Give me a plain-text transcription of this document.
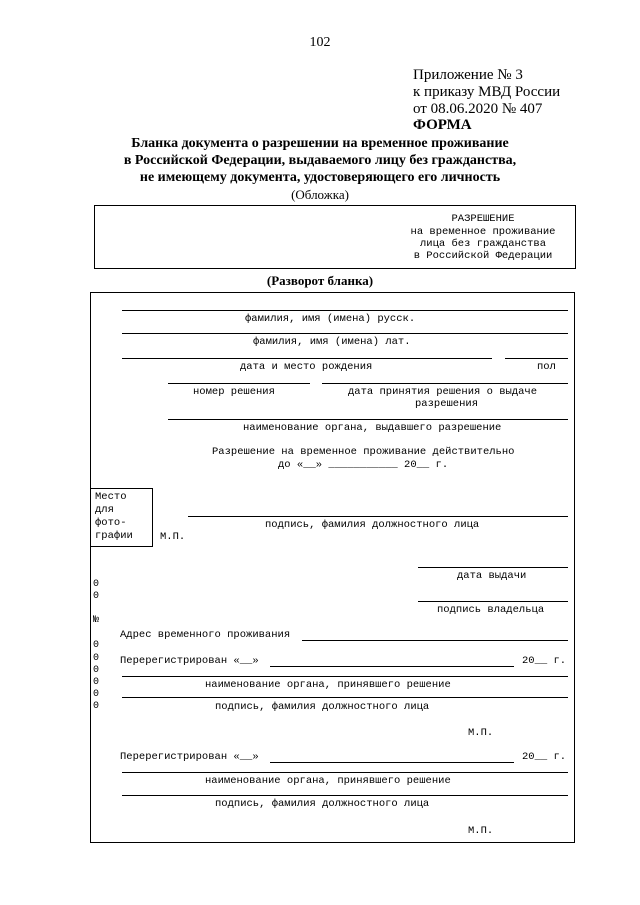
102
Приложение № 3
к приказу МВД России
от 08.06.2020 № 407
ФОРМА
Бланка документа о разрешении на временное проживание
в Российской Федерации, выдаваемого лицу без гражданства,
не имеющему документа, удостоверяющего его личность
(Обложка)
РАЗРЕШЕНИЕ
на временное проживание
лица без гражданства
в Российской Федерации
(Разворот бланка)
фамилия, имя (имена) русск.
фамилия, имя (имена) лат.
дата и место рождения	пол
номер решения	дата принятия решения о выдаче
разрешения
наименование органа, выдавшего разрешение
Разрешение на временное проживание действительно
до «__» ___________ 20__ г.
Место
для
фото-
графии
подпись, фамилия должностного лица
М.П.
дата выдачи
подпись владельца
0
0
№
0
0
0
0
0
0
Адрес временного проживания
Перерегистрирован «__»	20__ г.
наименование органа, принявшего решение
подпись, фамилия должностного лица
М.П.
Перерегистрирован «__»	20__ г.
наименование органа, принявшего решение
подпись, фамилия должностного лица
М.П.
